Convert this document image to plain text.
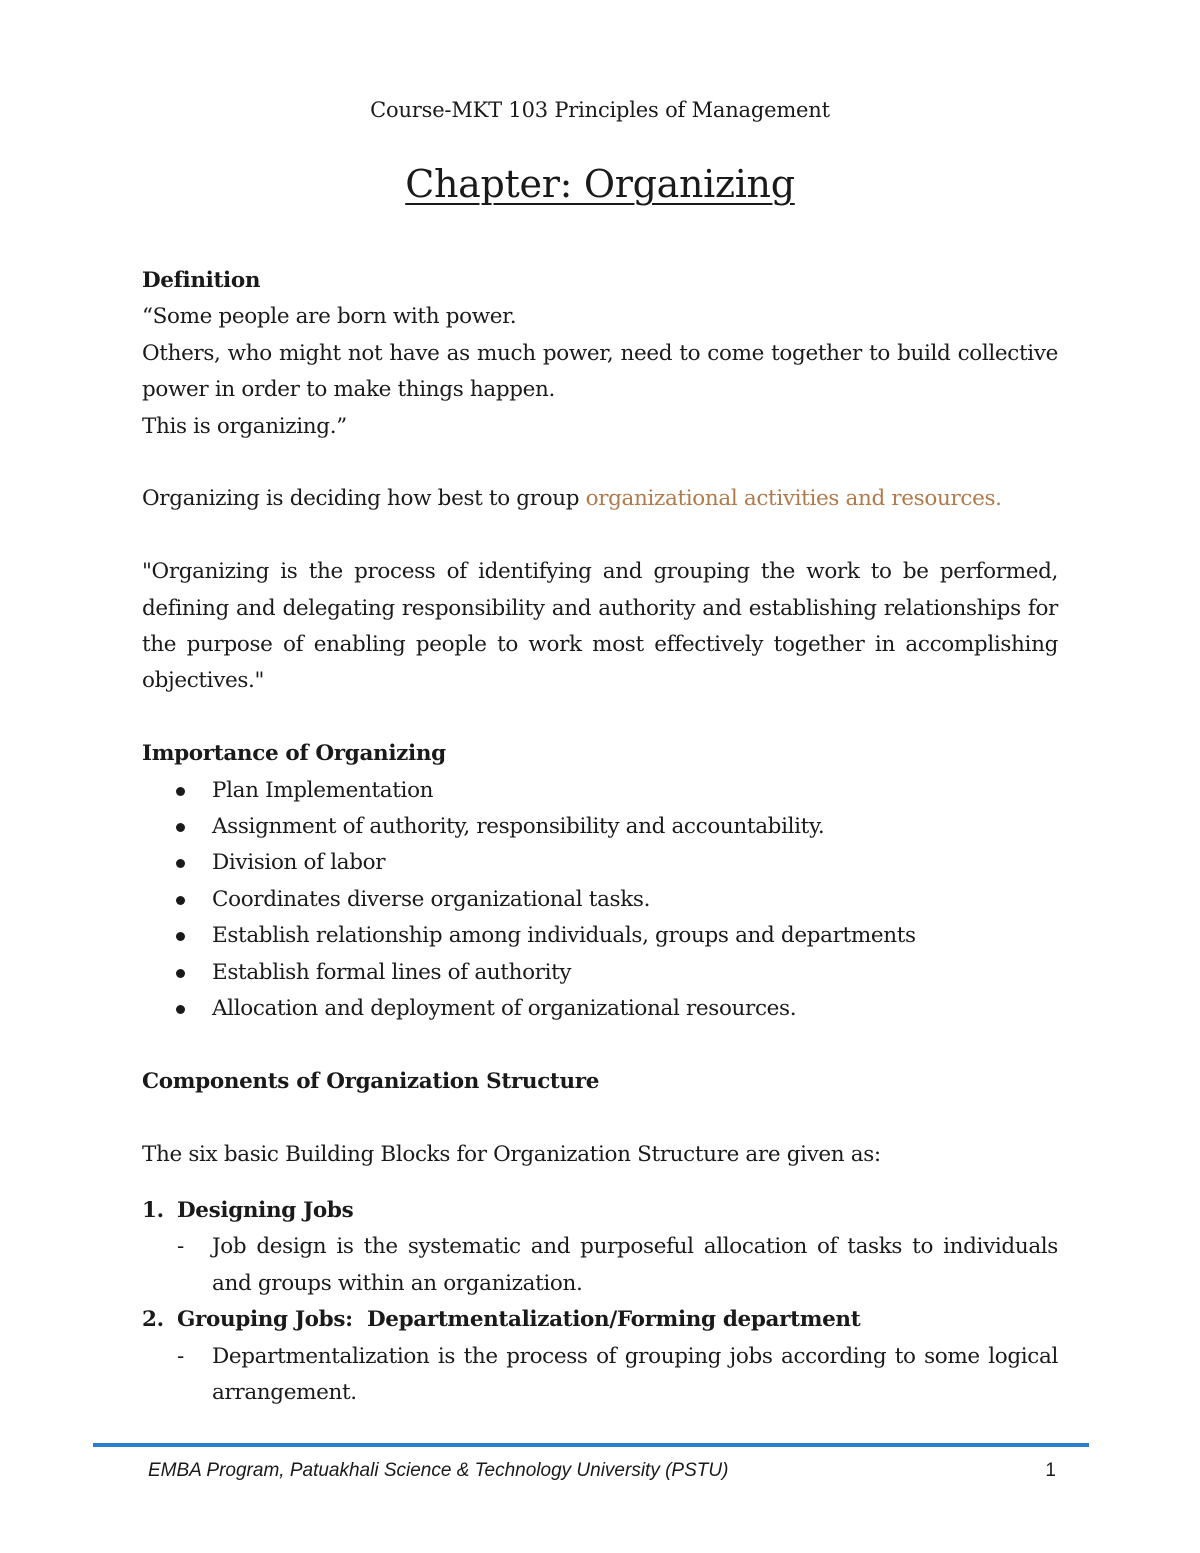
Course-MKT 103 Principles of Management
Chapter: Organizing

Definition

“Some people are born with power.

Others, who might not have as much power, need to come together to build collective power in order to make things happen.

This is organizing.”

Organizing is deciding how best to group organizational activities and resources.

"Organizing is the process of identifying and grouping the work to be performed, defining and delegating responsibility and authority and establishing relationships for the purpose of enabling people to work most effectively together in accomplishing objectives."

Importance of Organizing

Plan Implementation
Assignment of authority, responsibility and accountability.
Division of labor
Coordinates diverse organizational tasks.
Establish relationship among individuals, groups and departments
Establish formal lines of authority
Allocation and deployment of organizational resources.

Components of Organization Structure

The six basic Building Blocks for Organization Structure are given as:

1. Designing Jobs
- Job design is the systematic and purposeful allocation of tasks to individuals and groups within an organization.
2. Grouping Jobs:  Departmentalization/Forming department
- Departmentalization is the process of grouping jobs according to some logical arrangement.
EMBA Program, Patuakhali Science & Technology University (PSTU)	1
